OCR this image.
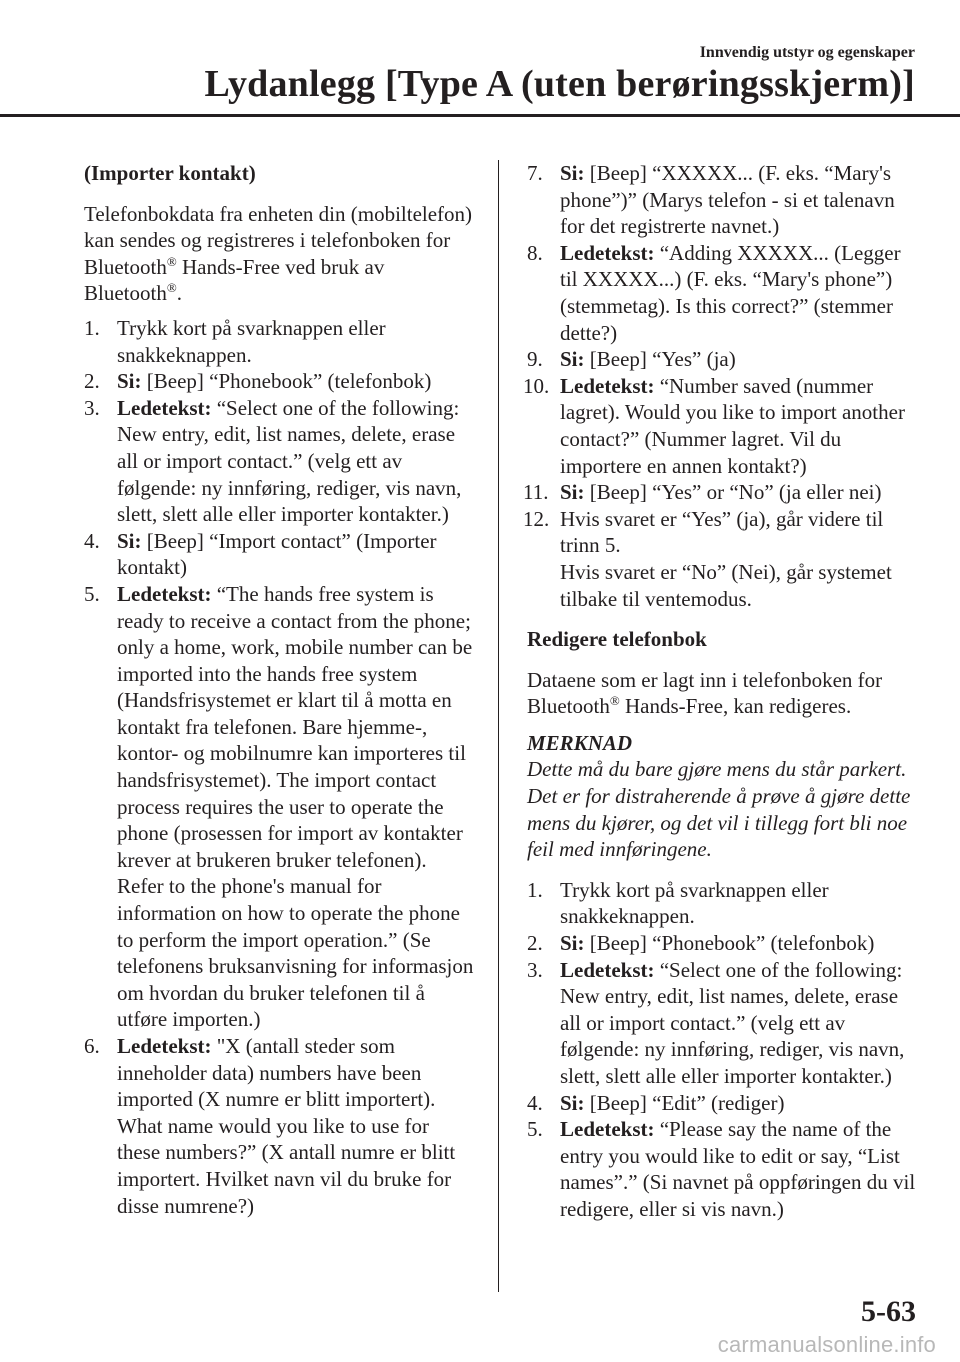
Innvendig utstyr og egenskaper
Lydanlegg [Type A (uten berøringsskjerm)]
(Importer kontakt)
Telefonbokdata fra enheten din (mobiltelefon) kan sendes og registreres i telefonboken for Bluetooth® Hands-Free ved bruk av Bluetooth®.
1. Trykk kort på svarknappen eller snakkeknappen.
2. Si: [Beep] “Phonebook” (telefonbok)
3. Ledetekst: “Select one of the following: New entry, edit, list names, delete, erase all or import contact.” (velg ett av følgende: ny innføring, rediger, vis navn, slett, slett alle eller importer kontakter.)
4. Si: [Beep] “Import contact” (Importer kontakt)
5. Ledetekst: “The hands free system is ready to receive a contact from the phone; only a home, work, mobile number can be imported into the hands free system (Handsfrisystemet er klart til å motta en kontakt fra telefonen. Bare hjemme-, kontor- og mobilnumre kan importeres til handsfrisystemet). The import contact process requires the user to operate the phone (prosessen for import av kontakter krever at brukeren bruker telefonen). Refer to the phone's manual for information on how to operate the phone to perform the import operation.” (Se telefonens bruksanvisning for informasjon om hvordan du bruker telefonen til å utføre importen.)
6. Ledetekst: "X (antall steder som inneholder data) numbers have been imported (X numre er blitt importert). What name would you like to use for these numbers?” (X antall numre er blitt importert. Hvilket navn vil du bruke for disse numrene?)
7. Si: [Beep] “XXXXX... (F. eks. “Mary's phone”)” (Marys telefon - si et talenavn for det registrerte navnet.)
8. Ledetekst: “Adding XXXXX... (Legger til XXXXX...) (F. eks. “Mary's phone”) (stemmetag). Is this correct?” (stemmer dette?)
9. Si: [Beep] “Yes” (ja)
10. Ledetekst: “Number saved (nummer lagret). Would you like to import another contact?” (Nummer lagret. Vil du importere en annen kontakt?)
11. Si: [Beep] “Yes” or “No” (ja eller nei)
12. Hvis svaret er “Yes” (ja), går videre til trinn 5.
Hvis svaret er “No” (Nei), går systemet tilbake til ventemodus.
Redigere telefonbok
Dataene som er lagt inn i telefonboken for Bluetooth® Hands-Free, kan redigeres.
MERKNAD
Dette må du bare gjøre mens du står parkert. Det er for distraherende å prøve å gjøre dette mens du kjører, og det vil i tillegg fort bli noe feil med innføringene.
1. Trykk kort på svarknappen eller snakkeknappen.
2. Si: [Beep] “Phonebook” (telefonbok)
3. Ledetekst: “Select one of the following: New entry, edit, list names, delete, erase all or import contact.” (velg ett av følgende: ny innføring, rediger, vis navn, slett, slett alle eller importer kontakter.)
4. Si: [Beep] “Edit” (rediger)
5. Ledetekst: “Please say the name of the entry you would like to edit or say, “List names”.” (Si navnet på oppføringen du vil redigere, eller si vis navn.)
5-63
carmanualsonline.info
